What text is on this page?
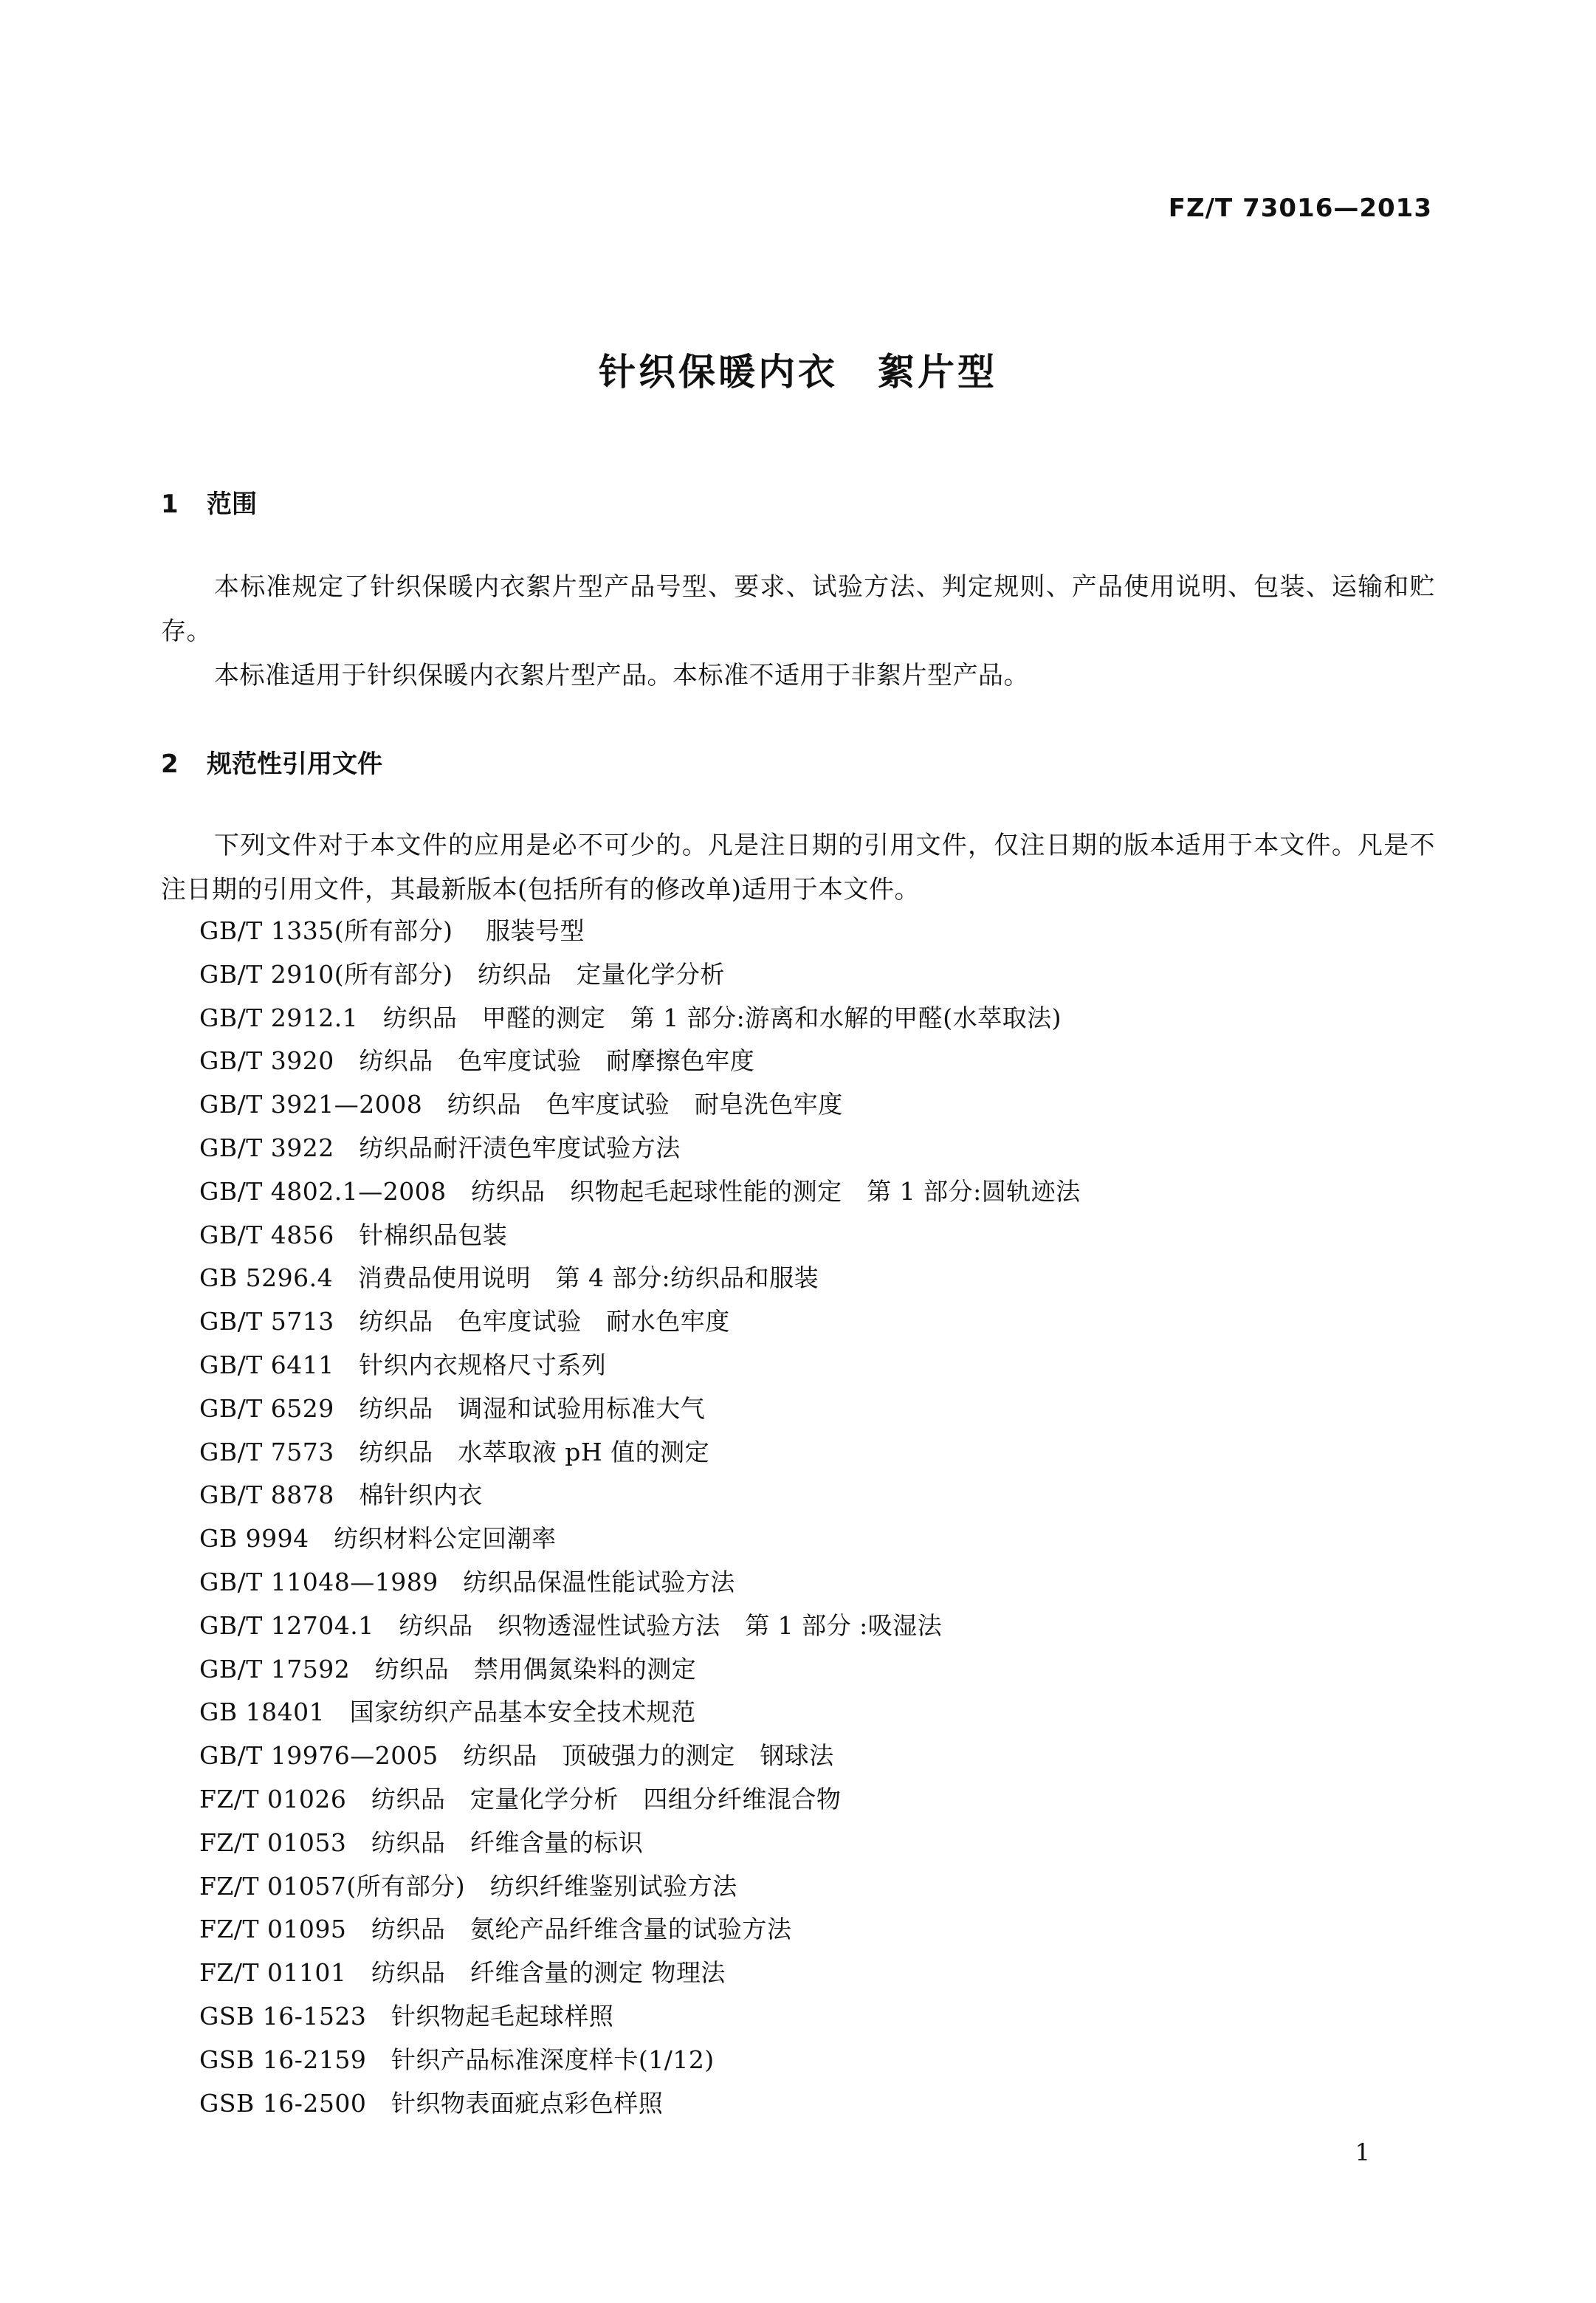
FZ/T 73016—2013
针织保暖内衣　絮片型
1 范围
本标准规定了针织保暖内衣絮片型产品号型、要求、试验方法、判定规则、产品使用说明、包装、运输和贮存。
本标准适用于针织保暖内衣絮片型产品。本标准不适用于非絮片型产品。
2 规范性引用文件
下列文件对于本文件的应用是必不可少的。凡是注日期的引用文件，仅注日期的版本适用于本文件。凡是不注日期的引用文件，其最新版本(包括所有的修改单)适用于本文件。
GB/T 1335(所有部分)　 服装号型
GB/T 2910(所有部分)　纺织品　定量化学分析
GB/T 2912.1　纺织品　甲醛的测定　第 1 部分:游离和水解的甲醛(水萃取法)
GB/T 3920　纺织品　色牢度试验　耐摩擦色牢度
GB/T 3921—2008　纺织品　色牢度试验　耐皂洗色牢度
GB/T 3922　纺织品耐汗渍色牢度试验方法
GB/T 4802.1—2008　纺织品　织物起毛起球性能的测定　第 1 部分:圆轨迹法
GB/T 4856　针棉织品包装
GB 5296.4　消费品使用说明　第 4 部分:纺织品和服装
GB/T 5713　纺织品　色牢度试验　耐水色牢度
GB/T 6411　针织内衣规格尺寸系列
GB/T 6529　纺织品　调湿和试验用标准大气
GB/T 7573　纺织品　水萃取液 pH 值的测定
GB/T 8878　棉针织内衣
GB 9994　纺织材料公定回潮率
GB/T 11048—1989　纺织品保温性能试验方法
GB/T 12704.1　纺织品　织物透湿性试验方法　第 1 部分 :吸湿法
GB/T 17592　纺织品　禁用偶氮染料的测定
GB 18401　国家纺织产品基本安全技术规范
GB/T 19976—2005　纺织品　顶破强力的测定　钢球法
FZ/T 01026　纺织品　定量化学分析　四组分纤维混合物
FZ/T 01053　纺织品　纤维含量的标识
FZ/T 01057(所有部分)　纺织纤维鉴别试验方法
FZ/T 01095　纺织品　氨纶产品纤维含量的试验方法
FZ/T 01101　纺织品　纤维含量的测定 物理法
GSB 16-1523　针织物起毛起球样照
GSB 16-2159　针织产品标准深度样卡(1/12)
GSB 16-2500　针织物表面疵点彩色样照
1
